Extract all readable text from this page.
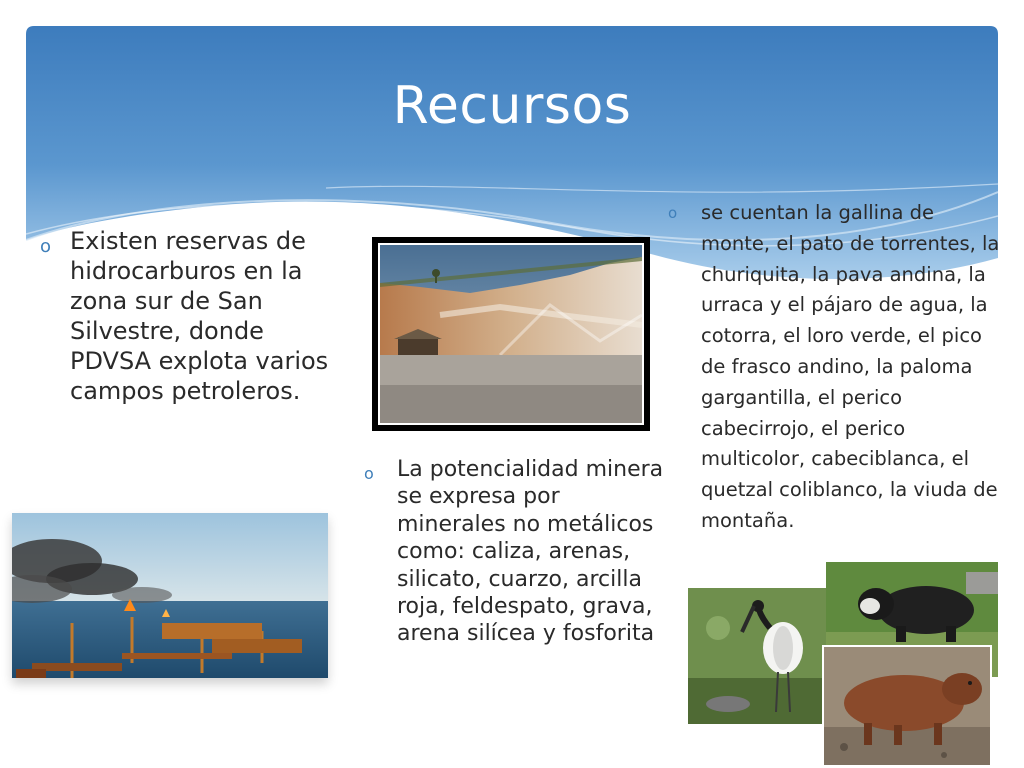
Recursos
o Existen reservas de hidrocarburos en la zona sur de San Silvestre, donde PDVSA explota varios campos petroleros.
o La potencialidad minera se expresa por minerales no metálicos como: caliza, arenas, silicato, cuarzo, arcilla roja, feldespato, grava, arena silícea y fosforita
o se cuentan la gallina de monte, el pato de torrentes, la churiquita, la pava andina, la urraca y el pájaro de agua, la cotorra, el loro verde, el pico de frasco andino, la paloma gargantilla, el perico cabecirrojo, el perico multicolor, cabeciblanca, el quetzal coliblanco, la viuda de montaña.
